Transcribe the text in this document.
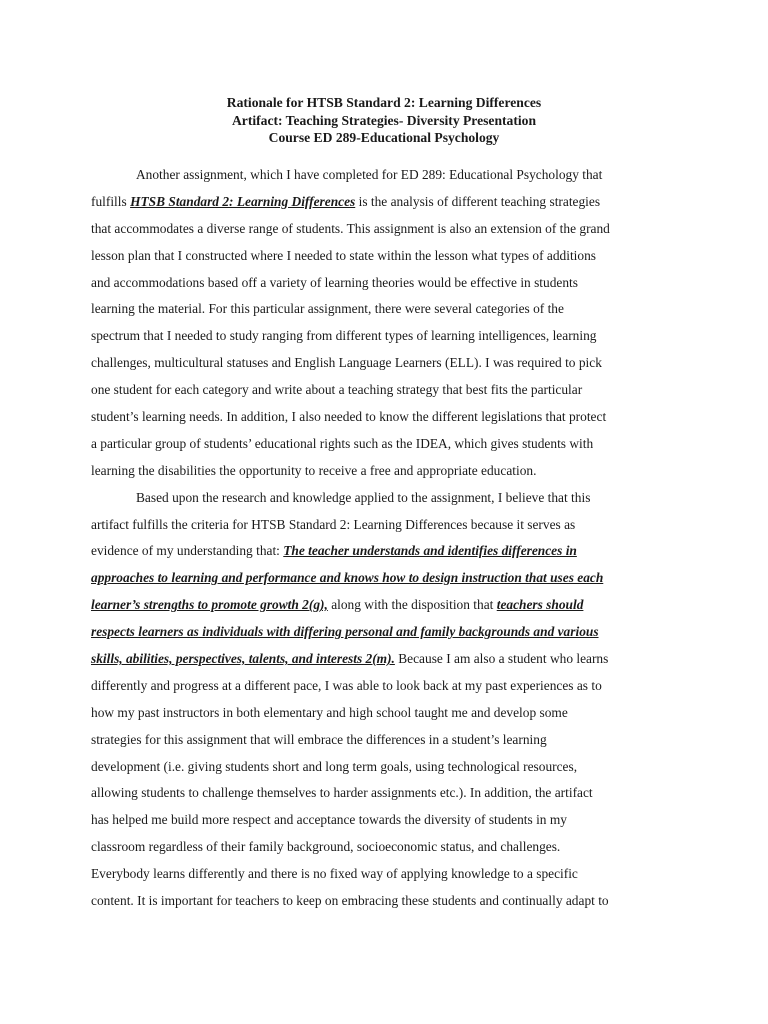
Rationale for HTSB Standard 2: Learning Differences
Artifact: Teaching Strategies- Diversity Presentation
Course ED 289-Educational Psychology
Another assignment, which I have completed for ED 289: Educational Psychology that
fulfills HTSB Standard 2: Learning Differences is the analysis of different teaching strategies
that accommodates a diverse range of students. This assignment is also an extension of the grand
lesson plan that I constructed where I needed to state within the lesson what types of additions
and accommodations based off a variety of learning theories would be effective in students
learning the material. For this particular assignment, there were several categories of the
spectrum that I needed to study ranging from different types of learning intelligences, learning
challenges, multicultural statuses and English Language Learners (ELL). I was required to pick
one student for each category and write about a teaching strategy that best fits the particular
student’s learning needs. In addition, I also needed to know the different legislations that protect
a particular group of students’ educational rights such as the IDEA, which gives students with
learning the disabilities the opportunity to receive a free and appropriate education.
Based upon the research and knowledge applied to the assignment, I believe that this
artifact fulfills the criteria for HTSB Standard 2: Learning Differences because it serves as
evidence of my understanding that: The teacher understands and identifies differences in
approaches to learning and performance and knows how to design instruction that uses each
learner’s strengths to promote growth 2(g), along with the disposition that teachers should
respects learners as individuals with differing personal and family backgrounds and various
skills, abilities, perspectives, talents, and interests 2(m). Because I am also a student who learns
differently and progress at a different pace, I was able to look back at my past experiences as to
how my past instructors in both elementary and high school taught me and develop some
strategies for this assignment that will embrace the differences in a student’s learning
development (i.e. giving students short and long term goals, using technological resources,
allowing students to challenge themselves to harder assignments etc.). In addition, the artifact
has helped me build more respect and acceptance towards the diversity of students in my
classroom regardless of their family background, socioeconomic status, and challenges.
Everybody learns differently and there is no fixed way of applying knowledge to a specific
content. It is important for teachers to keep on embracing these students and continually adapt to
